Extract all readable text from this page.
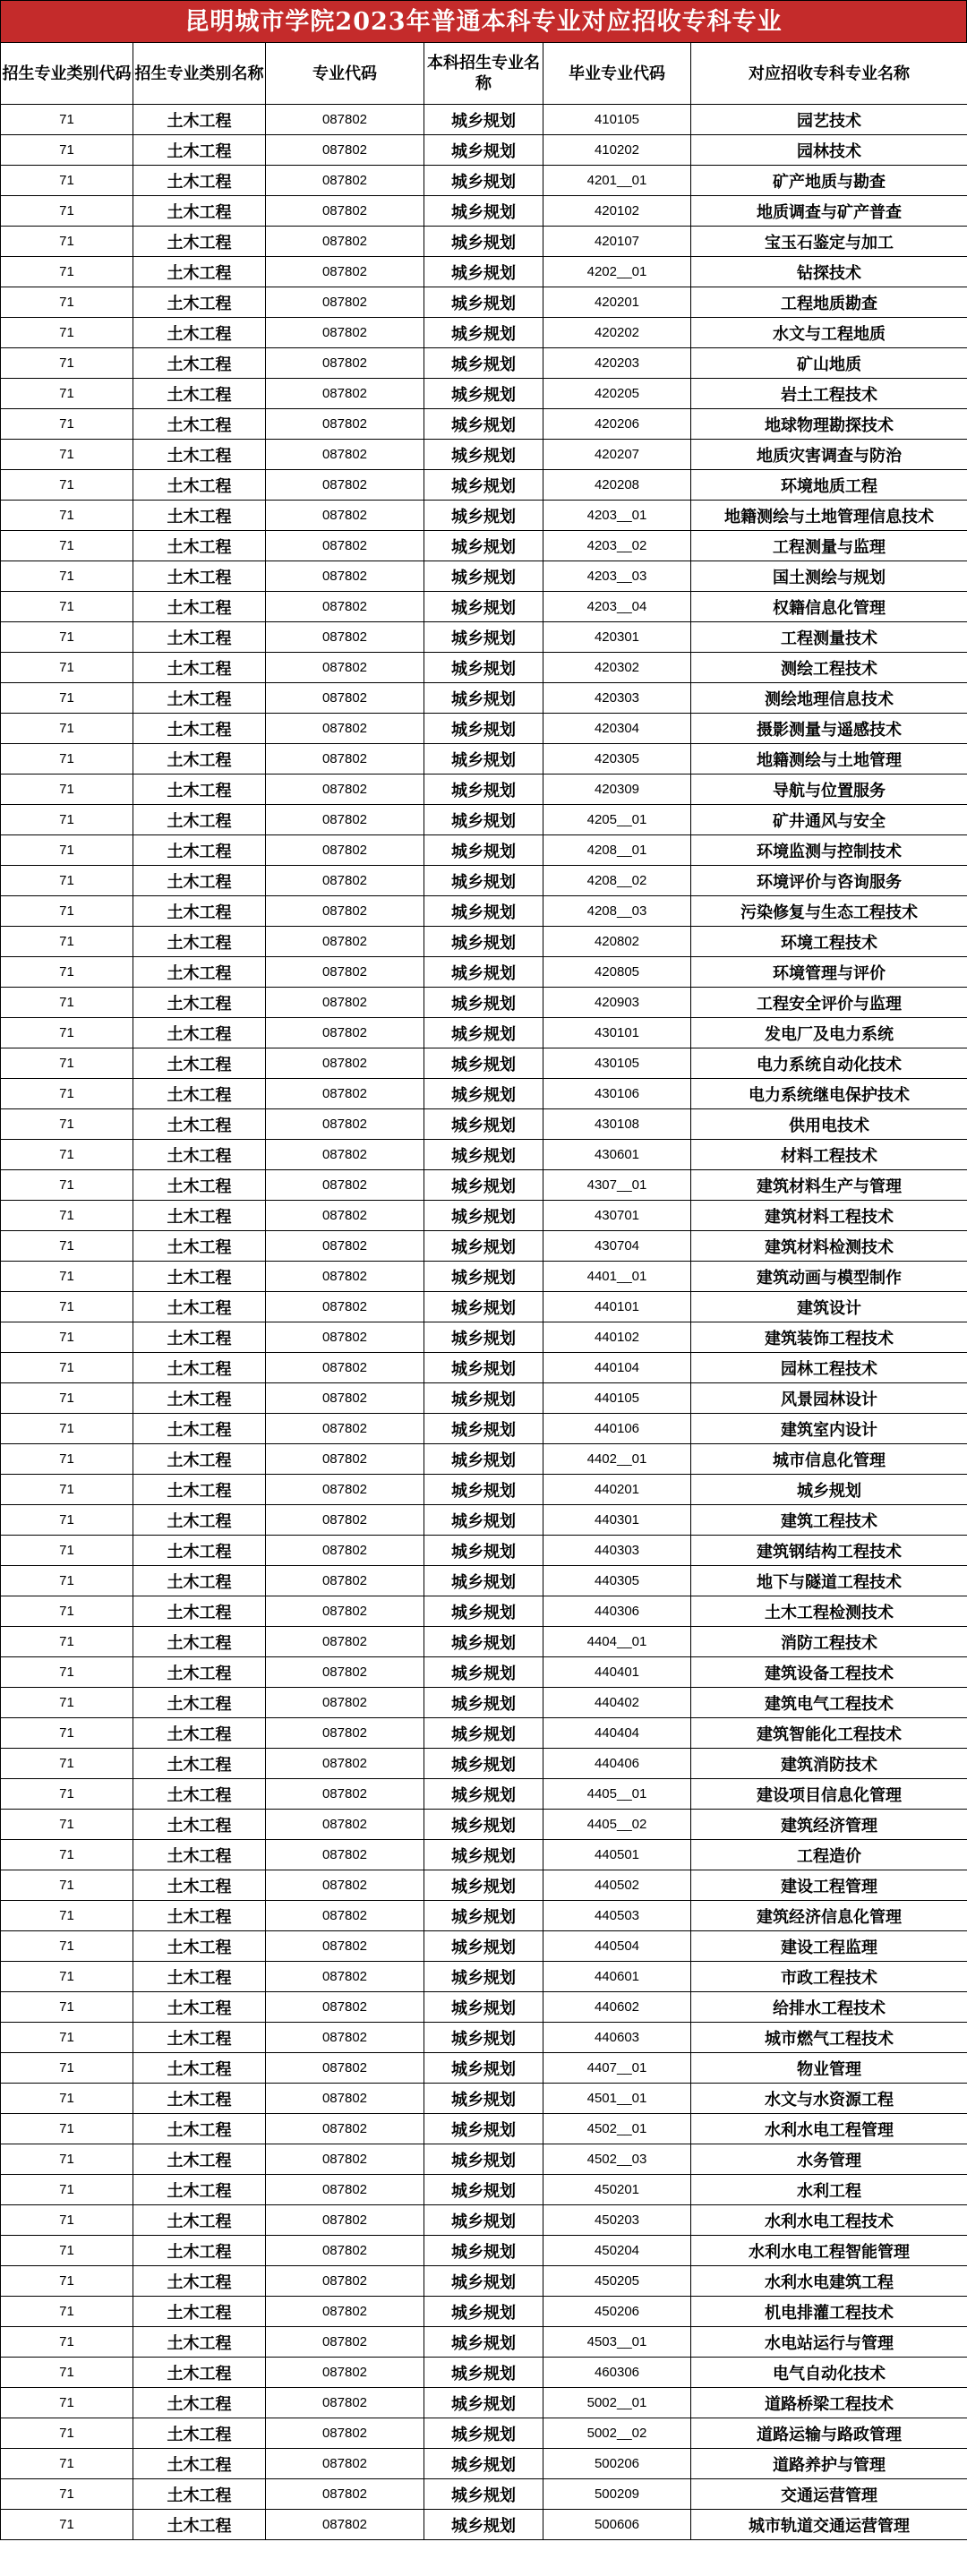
昆明城市学院2023年普通本科专业对应招收专科专业
招生专业类别代码	招生专业类别名称	专业代码	本科招生专业名称	毕业专业代码	对应招收专科专业名称
71	土木工程	087802	城乡规划	410105	园艺技术
71	土木工程	087802	城乡规划	410202	园林技术
71	土木工程	087802	城乡规划	4201__01	矿产地质与勘查
71	土木工程	087802	城乡规划	420102	地质调查与矿产普查
71	土木工程	087802	城乡规划	420107	宝玉石鉴定与加工
71	土木工程	087802	城乡规划	4202__01	钻探技术
71	土木工程	087802	城乡规划	420201	工程地质勘查
71	土木工程	087802	城乡规划	420202	水文与工程地质
71	土木工程	087802	城乡规划	420203	矿山地质
71	土木工程	087802	城乡规划	420205	岩土工程技术
71	土木工程	087802	城乡规划	420206	地球物理勘探技术
71	土木工程	087802	城乡规划	420207	地质灾害调查与防治
71	土木工程	087802	城乡规划	420208	环境地质工程
71	土木工程	087802	城乡规划	4203__01	地籍测绘与土地管理信息技术
71	土木工程	087802	城乡规划	4203__02	工程测量与监理
71	土木工程	087802	城乡规划	4203__03	国土测绘与规划
71	土木工程	087802	城乡规划	4203__04	权籍信息化管理
71	土木工程	087802	城乡规划	420301	工程测量技术
71	土木工程	087802	城乡规划	420302	测绘工程技术
71	土木工程	087802	城乡规划	420303	测绘地理信息技术
71	土木工程	087802	城乡规划	420304	摄影测量与遥感技术
71	土木工程	087802	城乡规划	420305	地籍测绘与土地管理
71	土木工程	087802	城乡规划	420309	导航与位置服务
71	土木工程	087802	城乡规划	4205__01	矿井通风与安全
71	土木工程	087802	城乡规划	4208__01	环境监测与控制技术
71	土木工程	087802	城乡规划	4208__02	环境评价与咨询服务
71	土木工程	087802	城乡规划	4208__03	污染修复与生态工程技术
71	土木工程	087802	城乡规划	420802	环境工程技术
71	土木工程	087802	城乡规划	420805	环境管理与评价
71	土木工程	087802	城乡规划	420903	工程安全评价与监理
71	土木工程	087802	城乡规划	430101	发电厂及电力系统
71	土木工程	087802	城乡规划	430105	电力系统自动化技术
71	土木工程	087802	城乡规划	430106	电力系统继电保护技术
71	土木工程	087802	城乡规划	430108	供用电技术
71	土木工程	087802	城乡规划	430601	材料工程技术
71	土木工程	087802	城乡规划	4307__01	建筑材料生产与管理
71	土木工程	087802	城乡规划	430701	建筑材料工程技术
71	土木工程	087802	城乡规划	430704	建筑材料检测技术
71	土木工程	087802	城乡规划	4401__01	建筑动画与模型制作
71	土木工程	087802	城乡规划	440101	建筑设计
71	土木工程	087802	城乡规划	440102	建筑装饰工程技术
71	土木工程	087802	城乡规划	440104	园林工程技术
71	土木工程	087802	城乡规划	440105	风景园林设计
71	土木工程	087802	城乡规划	440106	建筑室内设计
71	土木工程	087802	城乡规划	4402__01	城市信息化管理
71	土木工程	087802	城乡规划	440201	城乡规划
71	土木工程	087802	城乡规划	440301	建筑工程技术
71	土木工程	087802	城乡规划	440303	建筑钢结构工程技术
71	土木工程	087802	城乡规划	440305	地下与隧道工程技术
71	土木工程	087802	城乡规划	440306	土木工程检测技术
71	土木工程	087802	城乡规划	4404__01	消防工程技术
71	土木工程	087802	城乡规划	440401	建筑设备工程技术
71	土木工程	087802	城乡规划	440402	建筑电气工程技术
71	土木工程	087802	城乡规划	440404	建筑智能化工程技术
71	土木工程	087802	城乡规划	440406	建筑消防技术
71	土木工程	087802	城乡规划	4405__01	建设项目信息化管理
71	土木工程	087802	城乡规划	4405__02	建筑经济管理
71	土木工程	087802	城乡规划	440501	工程造价
71	土木工程	087802	城乡规划	440502	建设工程管理
71	土木工程	087802	城乡规划	440503	建筑经济信息化管理
71	土木工程	087802	城乡规划	440504	建设工程监理
71	土木工程	087802	城乡规划	440601	市政工程技术
71	土木工程	087802	城乡规划	440602	给排水工程技术
71	土木工程	087802	城乡规划	440603	城市燃气工程技术
71	土木工程	087802	城乡规划	4407__01	物业管理
71	土木工程	087802	城乡规划	4501__01	水文与水资源工程
71	土木工程	087802	城乡规划	4502__01	水利水电工程管理
71	土木工程	087802	城乡规划	4502__03	水务管理
71	土木工程	087802	城乡规划	450201	水利工程
71	土木工程	087802	城乡规划	450203	水利水电工程技术
71	土木工程	087802	城乡规划	450204	水利水电工程智能管理
71	土木工程	087802	城乡规划	450205	水利水电建筑工程
71	土木工程	087802	城乡规划	450206	机电排灌工程技术
71	土木工程	087802	城乡规划	4503__01	水电站运行与管理
71	土木工程	087802	城乡规划	460306	电气自动化技术
71	土木工程	087802	城乡规划	5002__01	道路桥梁工程技术
71	土木工程	087802	城乡规划	5002__02	道路运输与路政管理
71	土木工程	087802	城乡规划	500206	道路养护与管理
71	土木工程	087802	城乡规划	500209	交通运营管理
71	土木工程	087802	城乡规划	500606	城市轨道交通运营管理
